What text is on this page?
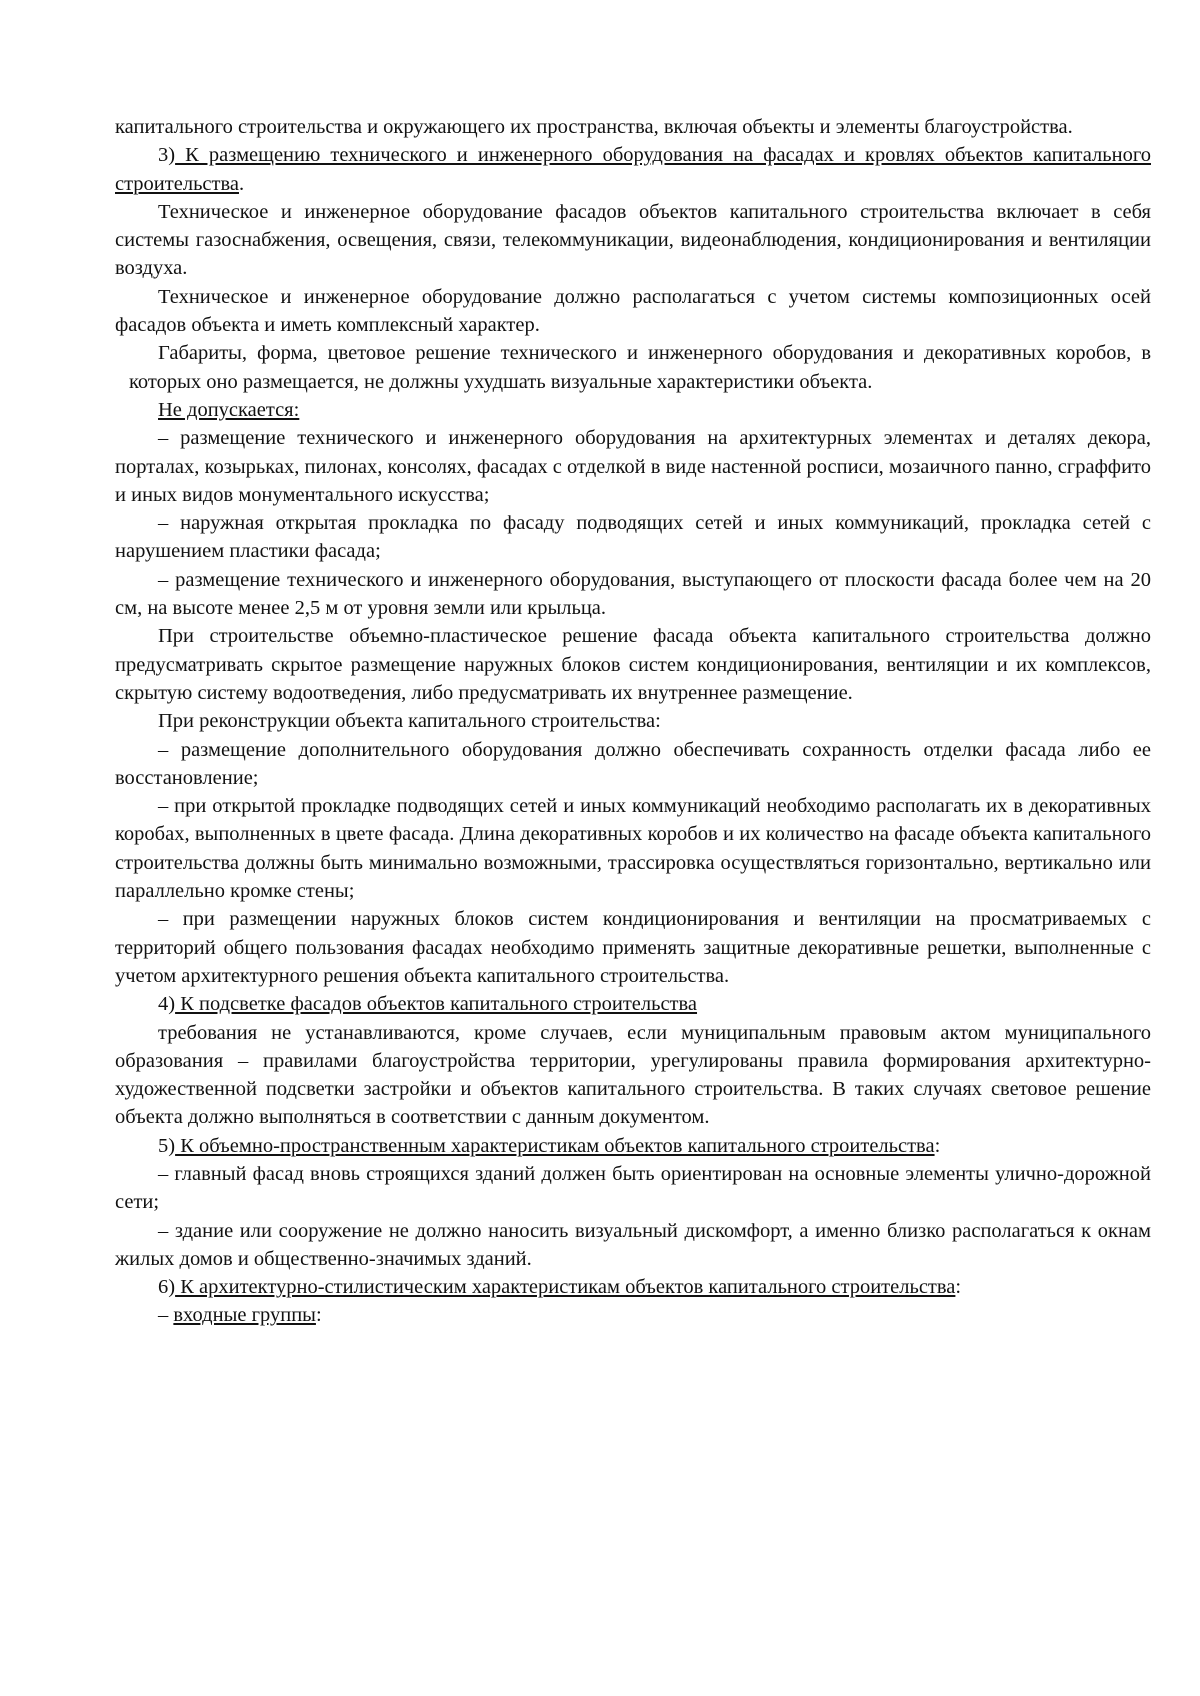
капитального строительства и окружающего их пространства, включая объекты и элементы благоустройства.

3) К размещению технического и инженерного оборудования на фасадах и кровлях объектов капитального строительства.

Техническое и инженерное оборудование фасадов объектов капитального строительства включает в себя системы газоснабжения, освещения, связи, телекоммуникации, видеонаблюдения, кондиционирования и вентиляции воздуха.

Техническое и инженерное оборудование должно располагаться с учетом системы композиционных осей фасадов объекта и иметь комплексный характер.

Габариты, форма, цветовое решение технического и инженерного оборудования и декоративных коробов, в которых оно размещается, не должны ухудшать визуальные характеристики объекта.

Не допускается:

– размещение технического и инженерного оборудования на архитектурных элементах и деталях декора, порталах, козырьках, пилонах, консолях, фасадах с отделкой в виде настенной росписи, мозаичного панно, сграффито и иных видов монументального искусства;

– наружная открытая прокладка по фасаду подводящих сетей и иных коммуникаций, прокладка сетей с нарушением пластики фасада;

– размещение технического и инженерного оборудования, выступающего от плоскости фасада более чем на 20 см, на высоте менее 2,5 м от уровня земли или крыльца.

При строительстве объемно-пластическое решение фасада объекта капитального строительства должно предусматривать скрытое размещение наружных блоков систем кондиционирования, вентиляции и их комплексов, скрытую систему водоотведения, либо предусматривать их внутреннее размещение.

При реконструкции объекта капитального строительства:

– размещение дополнительного оборудования должно обеспечивать сохранность отделки фасада либо ее восстановление;

– при открытой прокладке подводящих сетей и иных коммуникаций необходимо располагать их в декоративных коробах, выполненных в цвете фасада. Длина декоративных коробов и их количество на фасаде объекта капитального строительства должны быть минимально возможными, трассировка осуществляться горизонтально, вертикально или параллельно кромке стены;

– при размещении наружных блоков систем кондиционирования и вентиляции на просматриваемых с территорий общего пользования фасадах необходимо применять защитные декоративные решетки, выполненные с учетом архитектурного решения объекта капитального строительства.

4) К подсветке фасадов объектов капитального строительства

требования не устанавливаются, кроме случаев, если муниципальным правовым актом муниципального образования – правилами благоустройства территории, урегулированы правила формирования архитектурно-художественной подсветки застройки и объектов капитального строительства. В таких случаях световое решение объекта должно выполняться в соответствии с данным документом.

5) К объемно-пространственным характеристикам объектов капитального строительства:

– главный фасад вновь строящихся зданий должен быть ориентирован на основные элементы улично-дорожной сети;

– здание или сооружение не должно наносить визуальный дискомфорт, а именно близко располагаться к окнам жилых домов и общественно-значимых зданий.

6) К архитектурно-стилистическим характеристикам объектов капитального строительства:

– входные группы:
